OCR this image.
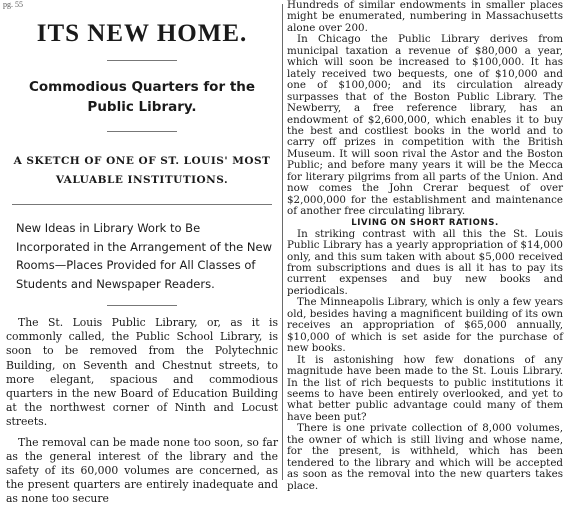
pg. 55
ITS NEW HOME.
Commodious Quarters for the Public Library.
A SKETCH OF ONE OF ST. LOUIS' MOST VALUABLE INSTITUTIONS.
New Ideas in Library Work to Be Incorporated in the Arrangement of the New Rooms—Places Provided for All Classes of Students and Newspaper Readers.

The St. Louis Public Library, or, as it is commonly called, the Public School Library, is soon to be removed from the Polytechnic Building, on Seventh and Chestnut streets, to more elegant, spacious and commodious quarters in the new Board of Education Building at the northwest corner of Ninth and Locust streets.

The removal can be made none too soon, so far as the general interest of the library and the safety of its 60,000 volumes are concerned, as the present quarters are entirely inadequate and as none too secure

Hundreds of similar endowments in smaller places might be enumerated, numbering in Massachusetts alone over 200.

In Chicago the Public Library derives from municipal taxation a revenue of $80,000 a year, which will soon be increased to $100,000. It has lately received two bequests, one of $10,000 and one of $100,000; and its circulation already surpasses that of the Boston Public Library. The Newberry, a free reference library, has an endowment of $2,600,000, which enables it to buy the best and costliest books in the world and to carry off prizes in competition with the British Museum. It will soon rival the Astor and the Boston Public; and before many years it will be the Mecca for literary pilgrims from all parts of the Union. And now comes the John Crerar bequest of over $2,000,000 for the establishment and maintenance of another free circulating library.

LIVING ON SHORT RATIONS.

In striking contrast with all this the St. Louis Public Library has a yearly appropriation of $14,000 only, and this sum taken with about $5,000 received from subscriptions and dues is all it has to pay its current expenses and buy new books and periodicals.

The Minneapolis Library, which is only a few years old, besides having a magnificent building of its own receives an appropriation of $65,000 annually, $10,000 of which is set aside for the purchase of new books.

It is astonishing how few donations of any magnitude have been made to the St. Louis Library. In the list of rich bequests to public institutions it seems to have been entirely overlooked, and yet to what better public advantage could many of them have been put?

There is one private collection of 8,000 volumes, the owner of which is still living and whose name, for the present, is withheld, which has been tendered to the library and which will be accepted as soon as the removal into the new quarters takes place.
